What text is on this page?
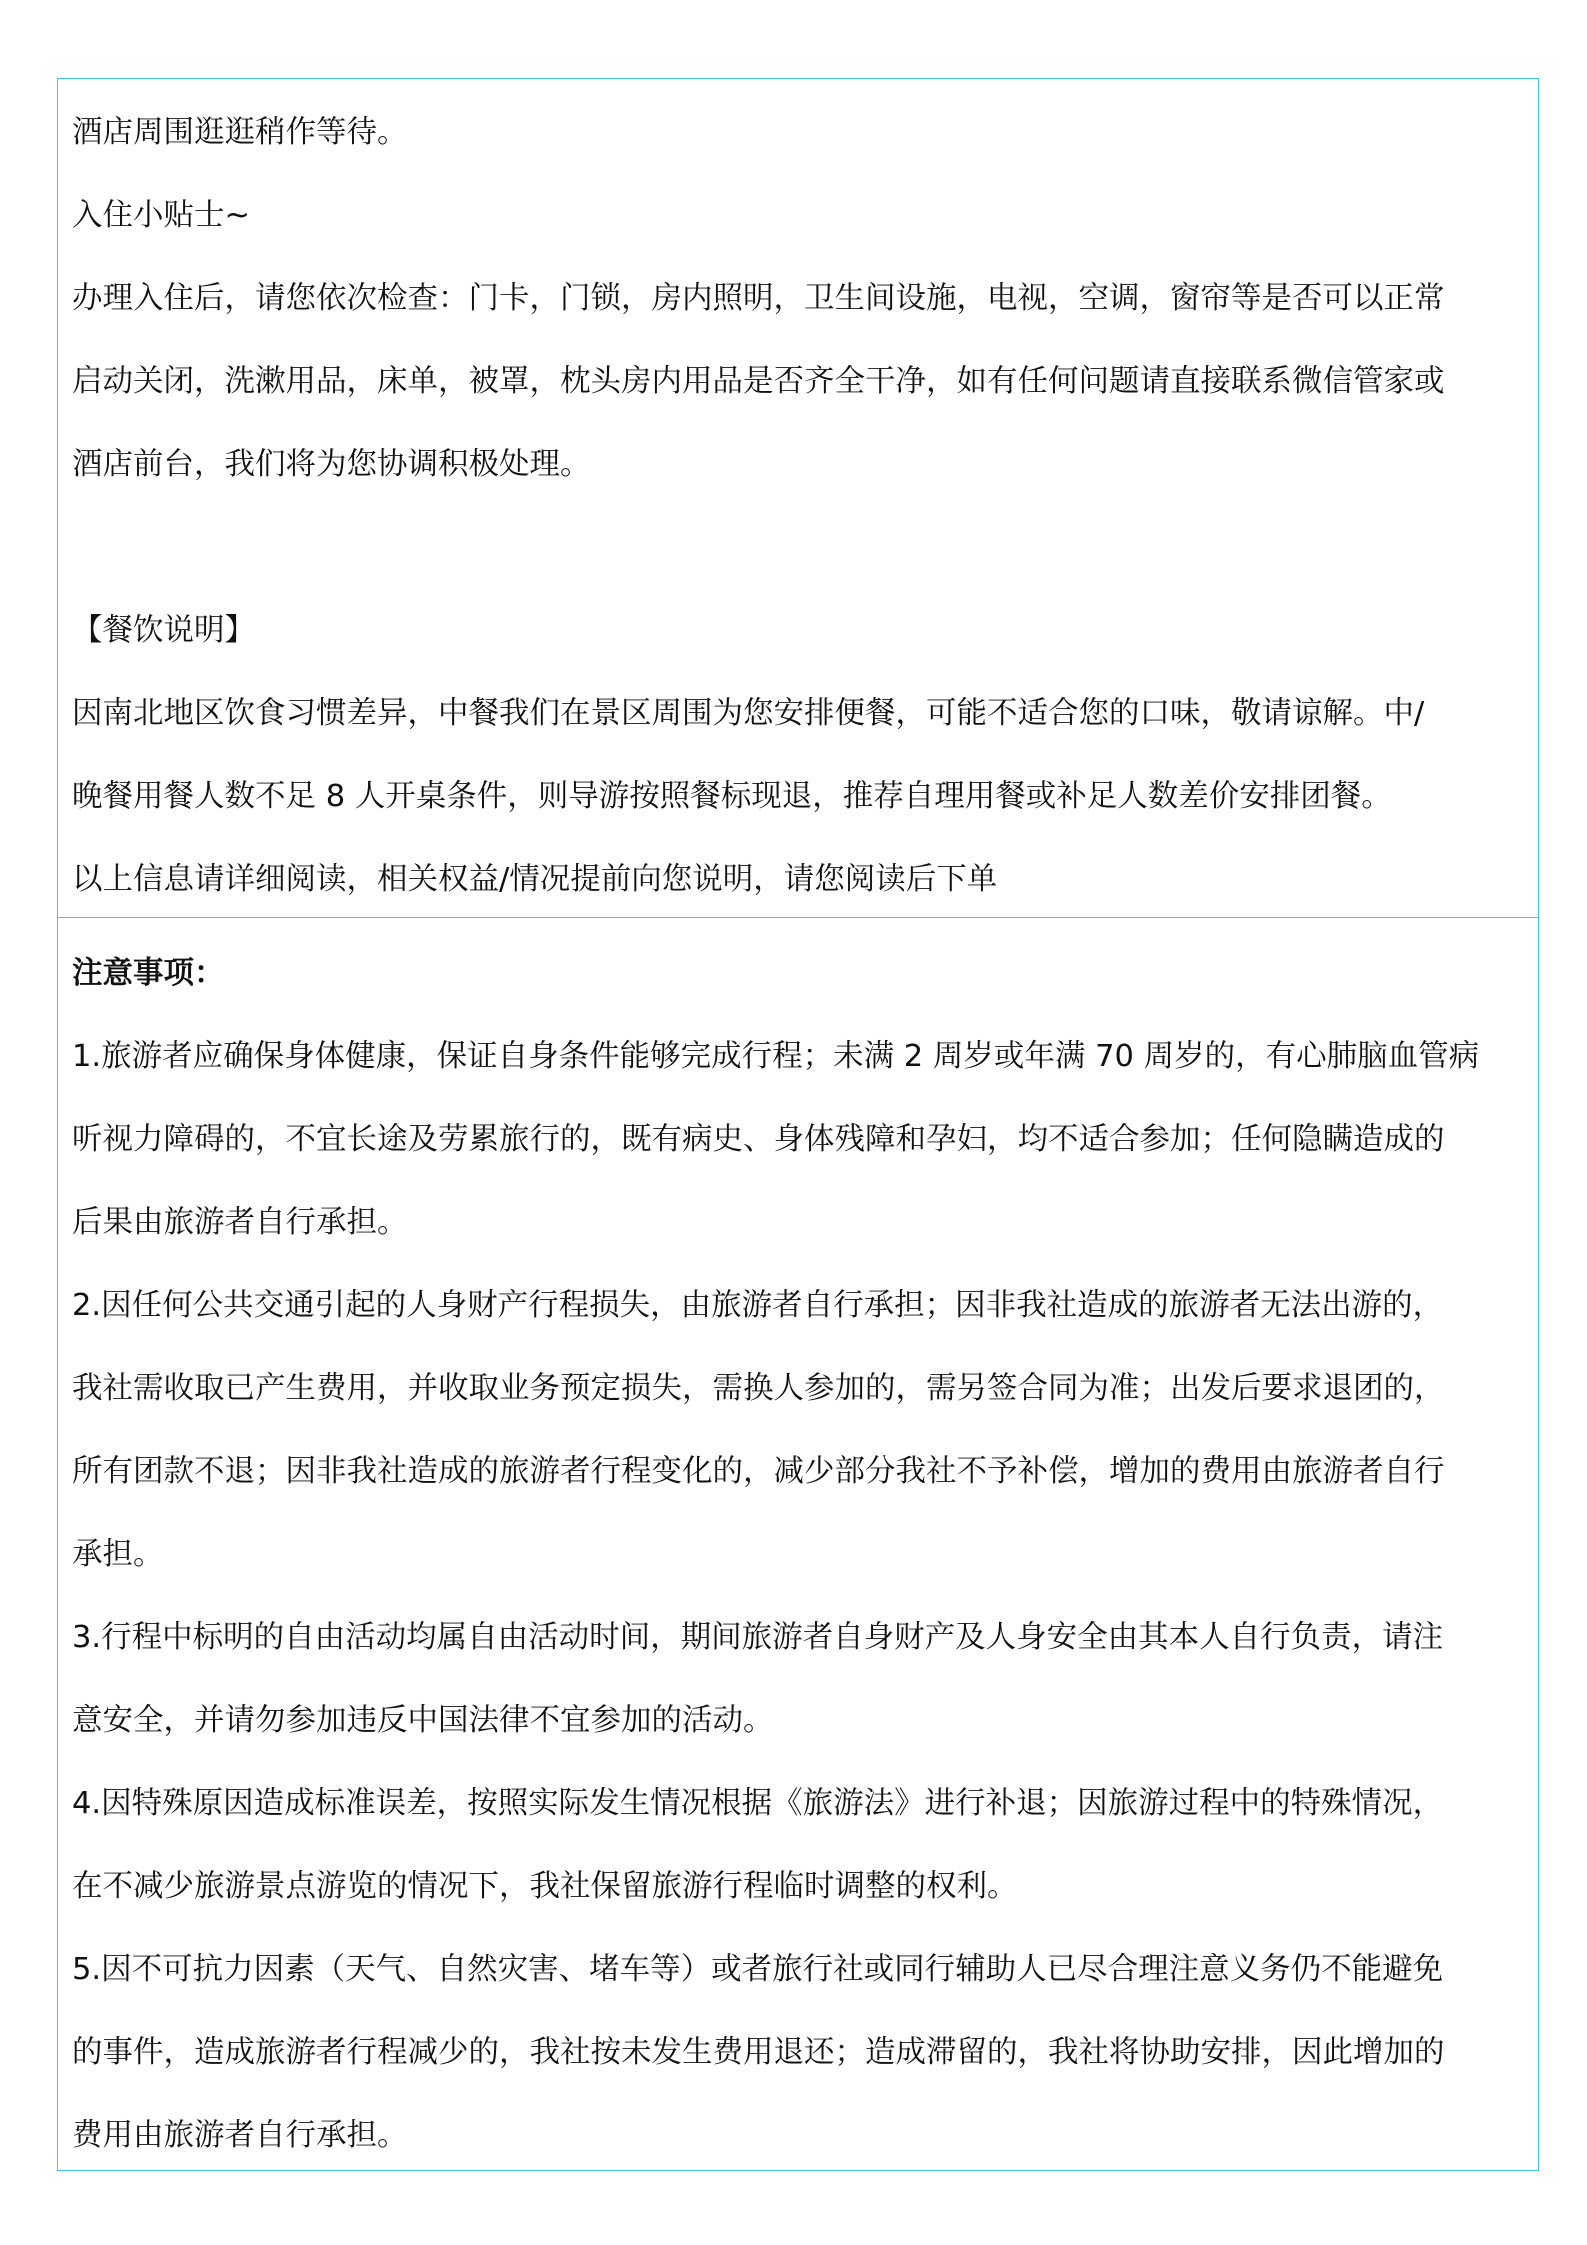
酒店周围逛逛稍作等待。
入住小贴士~
办理入住后，请您依次检查：门卡，门锁，房内照明，卫生间设施，电视，空调，窗帘等是否可以正常
启动关闭，洗漱用品，床单，被罩，枕头房内用品是否齐全干净，如有任何问题请直接联系微信管家或
酒店前台，我们将为您协调积极处理。
【餐饮说明】
因南北地区饮食习惯差异，中餐我们在景区周围为您安排便餐，可能不适合您的口味，敬请谅解。中/
晚餐用餐人数不足 8 人开桌条件，则导游按照餐标现退，推荐自理用餐或补足人数差价安排团餐。
以上信息请详细阅读，相关权益/情况提前向您说明，请您阅读后下单
注意事项：
1.旅游者应确保身体健康，保证自身条件能够完成行程；未满 2 周岁或年满 70 周岁的，有心肺脑血管病
听视力障碍的，不宜长途及劳累旅行的，既有病史、身体残障和孕妇，均不适合参加；任何隐瞒造成的
后果由旅游者自行承担。
2.因任何公共交通引起的人身财产行程损失，由旅游者自行承担；因非我社造成的旅游者无法出游的，
我社需收取已产生费用，并收取业务预定损失，需换人参加的，需另签合同为准；出发后要求退团的，
所有团款不退；因非我社造成的旅游者行程变化的，减少部分我社不予补偿，增加的费用由旅游者自行
承担。
3.行程中标明的自由活动均属自由活动时间，期间旅游者自身财产及人身安全由其本人自行负责，请注
意安全，并请勿参加违反中国法律不宜参加的活动。
4.因特殊原因造成标准误差，按照实际发生情况根据《旅游法》进行补退；因旅游过程中的特殊情况，
在不减少旅游景点游览的情况下，我社保留旅游行程临时调整的权利。
5.因不可抗力因素（天气、自然灾害、堵车等）或者旅行社或同行辅助人已尽合理注意义务仍不能避免
的事件，造成旅游者行程减少的，我社按未发生费用退还；造成滞留的，我社将协助安排，因此增加的
费用由旅游者自行承担。
